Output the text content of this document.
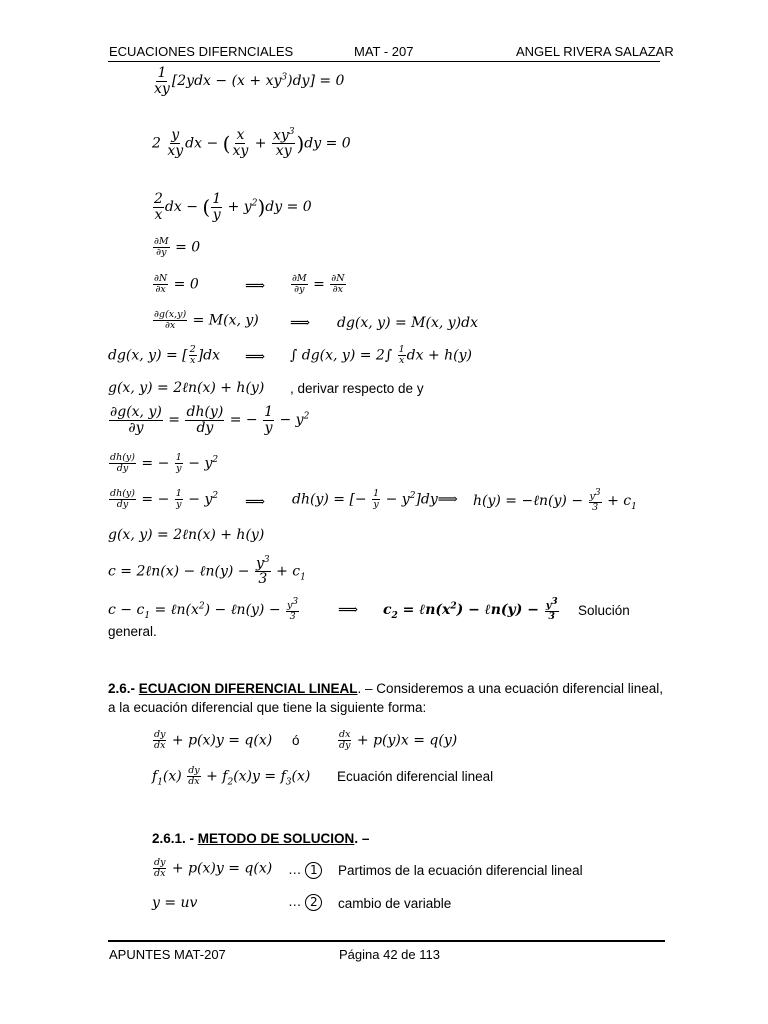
ECUACIONES DIFERNCIALES	MAT - 207	ANGEL RIVERA SALAZAR
$\frac{1}{xy} [2ydx - (x + xy^3)dy] = 0$
$2 \frac{y}{xy}$ dx − ( $\frac{x}{xy} + \frac{xy^3}{xy} )dy = 0$
$\frac{2}{x}$ dx − ( $\frac{1}{y} + y^2)dy = 0$
$\frac{\partial M}{\partial y} = 0$
$\frac{\partial N}{\partial x} = 0$	⟹	$\frac{\partial M}{\partial y} = \frac{\partial N}{\partial x}$
$\frac{\partial g(x,y)}{\partial x} = M(x$, y) ⟹ dg(x, y) = M(x, y)dx
dg(x, y) = [ $\frac{2}{x} ]dx$ ⟹ ∫ dg(x, $y) = 2\int \frac{1}{x}$ dx + h(y)
g(x, y) = 2ℓn(x) + h(y) , derivar respecto de y
$\frac{\partial g(x, y)}{\partial y} = \frac{dh(y)}{dy}$ = − $\frac{1}{y} - y^2$
$\frac{dh(y)}{dy}$ = − $\frac{1}{y} - y^2$
$\frac{dh(y)}{dy}$ = − $\frac{1}{y} - y^2$ ⟹ dh(y) = [− $\frac{1}{y}$ − $y^2]dy⟹$ h(y) = −ℓn(y) − $\frac{y3}{3} + c_1$
g(x, y) = 2ℓn(x) + h(y)
c = 2ℓn(x) − ℓn(y) − $\frac{y^3}{3} + c_1$
$c - c_1$ = $\ell n(x^2)$ − ℓn(y) − $\frac{y3}{3}$	⟹ $c_2$ = $\ell n(x^2)$ − ℓn(y) − $\frac{y3}{3}$ Solución
general.
2.6.- ECUACION DIFERENCIAL LINEAL. – Consideremos a una ecuación diferencial lineal,
a la ecuación diferencial que tiene la siguiente forma:
$\frac{dy}{dx} + p(x)y = q(x)$ ó	$\frac{dx}{dy} + p(y)x = q(y)$
$f_1(x) \frac{dy}{dx} + f_2(x)y = f_3(x)$ Ecuación diferencial lineal
2.6.1. - METODO DE SOLUCION. –
$\frac{dy}{dx} + p(x)y = q(x)$ … 1	Partimos de la ecuación diferencial lineal
y = uv	… 2	cambio de variable
APUNTES MAT-207	Página 42 de 113
